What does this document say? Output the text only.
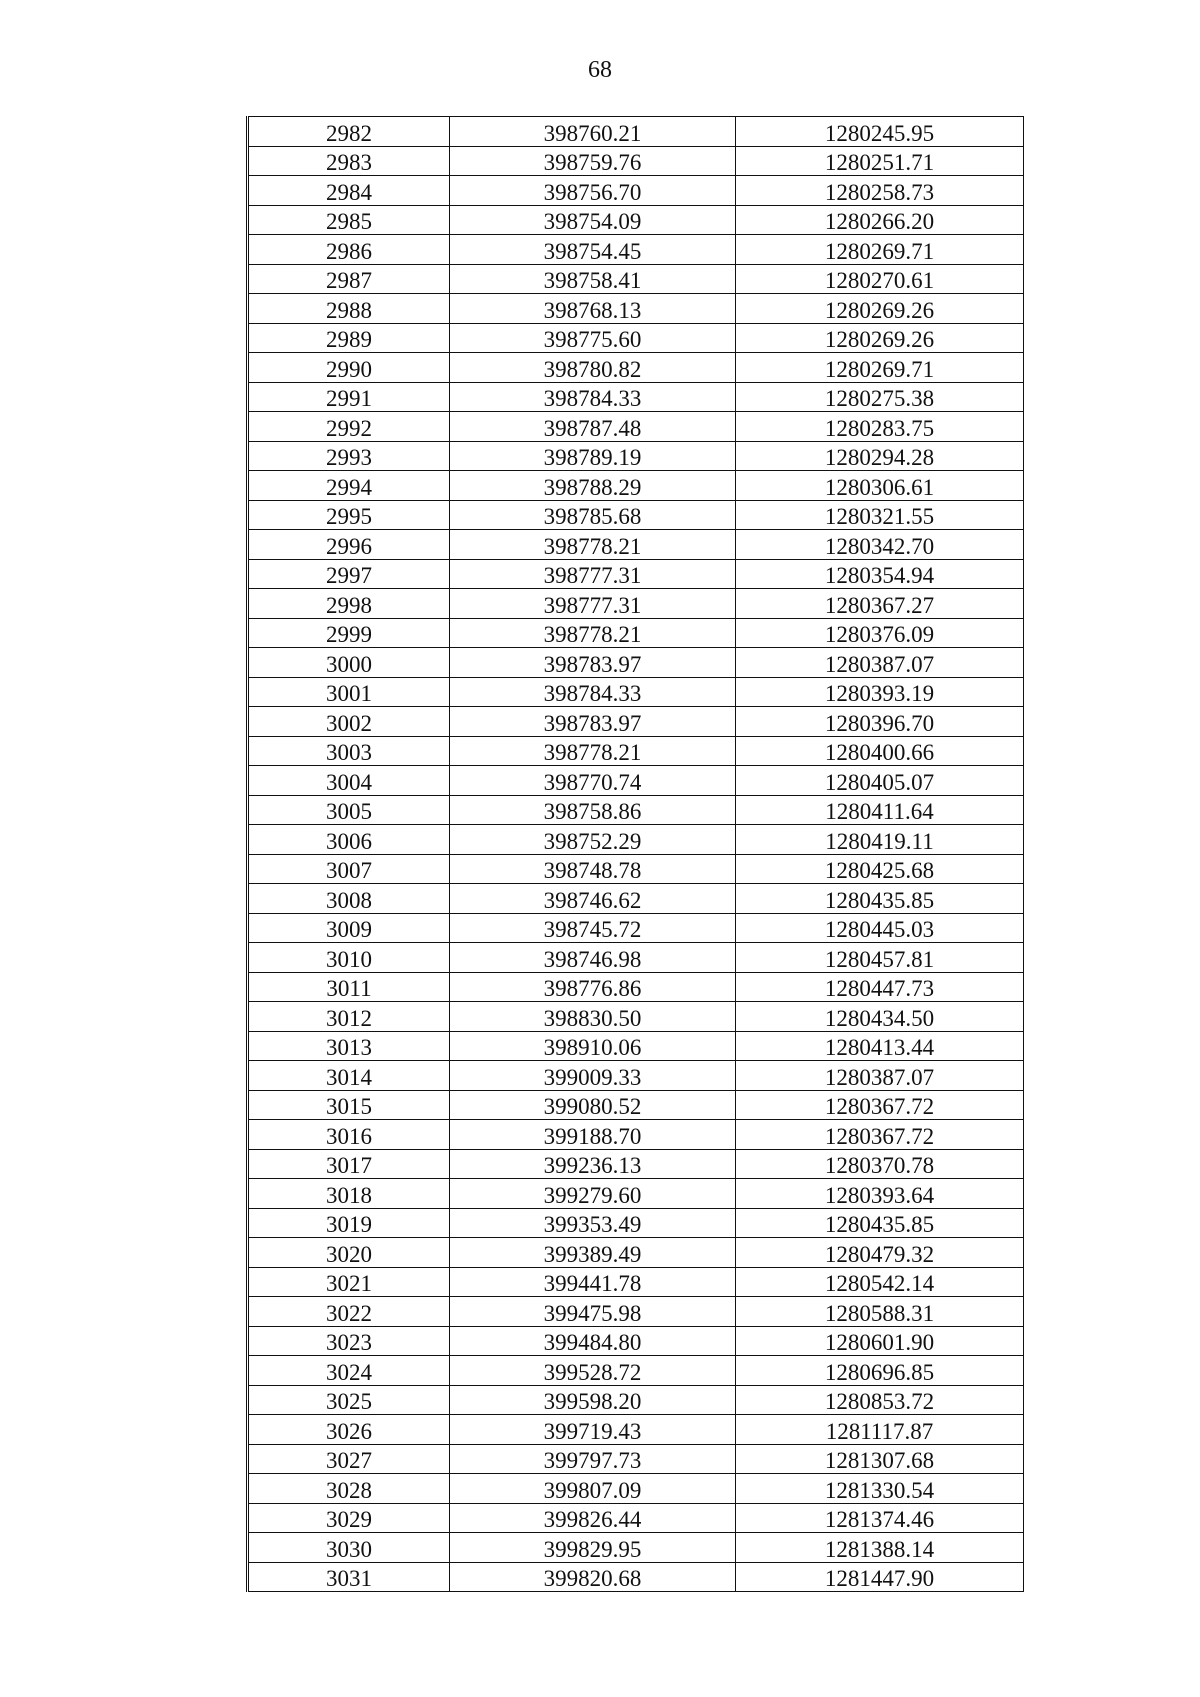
68
2982	398760.21	1280245.95
2983	398759.76	1280251.71
2984	398756.70	1280258.73
2985	398754.09	1280266.20
2986	398754.45	1280269.71
2987	398758.41	1280270.61
2988	398768.13	1280269.26
2989	398775.60	1280269.26
2990	398780.82	1280269.71
2991	398784.33	1280275.38
2992	398787.48	1280283.75
2993	398789.19	1280294.28
2994	398788.29	1280306.61
2995	398785.68	1280321.55
2996	398778.21	1280342.70
2997	398777.31	1280354.94
2998	398777.31	1280367.27
2999	398778.21	1280376.09
3000	398783.97	1280387.07
3001	398784.33	1280393.19
3002	398783.97	1280396.70
3003	398778.21	1280400.66
3004	398770.74	1280405.07
3005	398758.86	1280411.64
3006	398752.29	1280419.11
3007	398748.78	1280425.68
3008	398746.62	1280435.85
3009	398745.72	1280445.03
3010	398746.98	1280457.81
3011	398776.86	1280447.73
3012	398830.50	1280434.50
3013	398910.06	1280413.44
3014	399009.33	1280387.07
3015	399080.52	1280367.72
3016	399188.70	1280367.72
3017	399236.13	1280370.78
3018	399279.60	1280393.64
3019	399353.49	1280435.85
3020	399389.49	1280479.32
3021	399441.78	1280542.14
3022	399475.98	1280588.31
3023	399484.80	1280601.90
3024	399528.72	1280696.85
3025	399598.20	1280853.72
3026	399719.43	1281117.87
3027	399797.73	1281307.68
3028	399807.09	1281330.54
3029	399826.44	1281374.46
3030	399829.95	1281388.14
3031	399820.68	1281447.90
